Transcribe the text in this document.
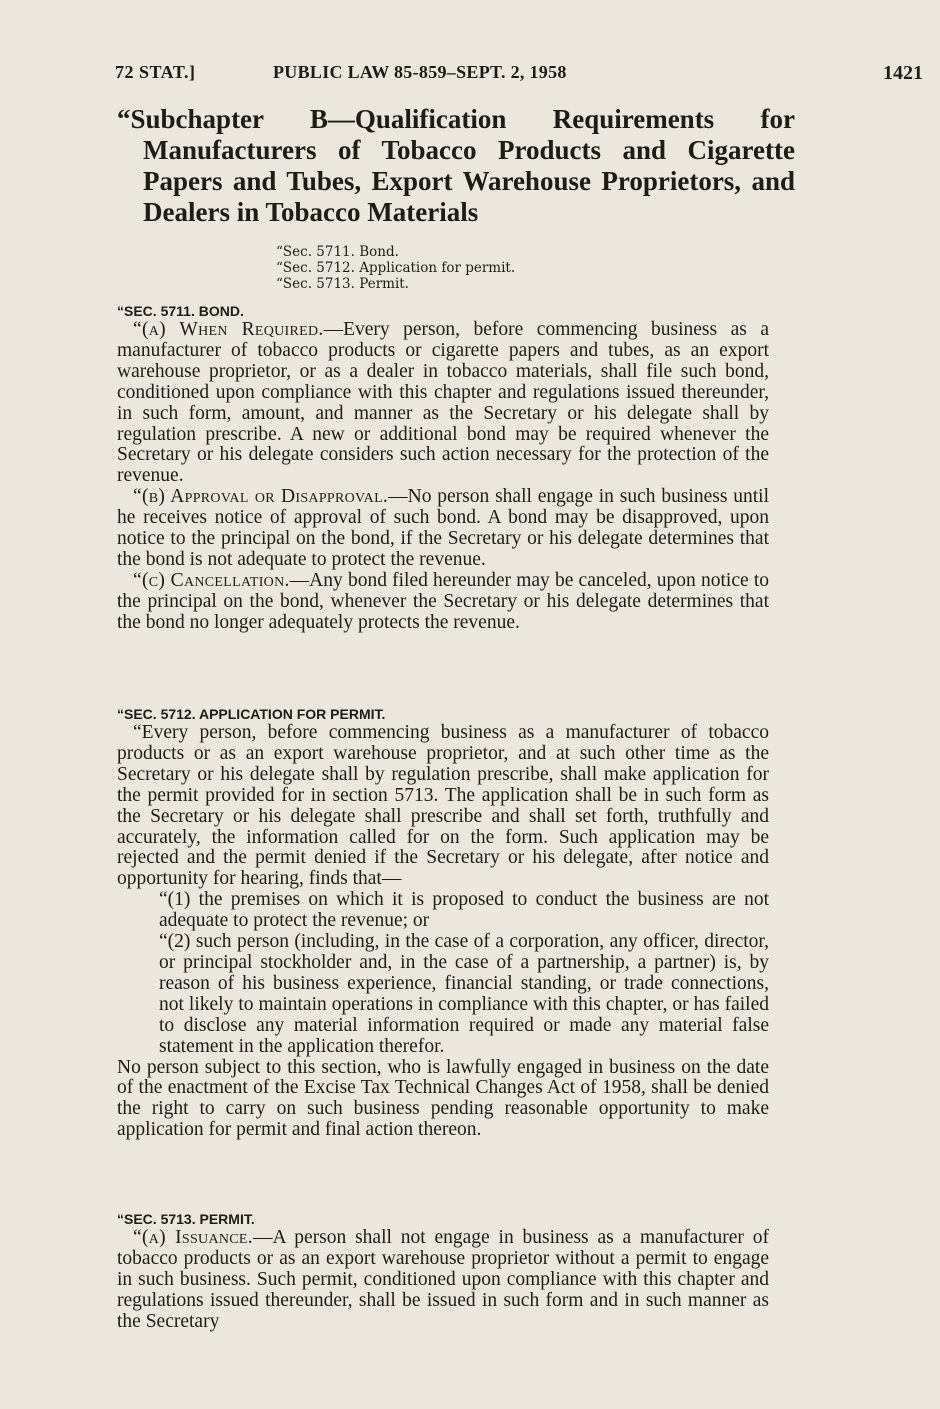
72 STAT.]	PUBLIC LAW 85-859–SEPT. 2, 1958	1421
“Subchapter B—Qualification Requirements for Manufacturers of Tobacco Products and Cigarette Papers and Tubes, Export Warehouse Proprietors, and Dealers in Tobacco Materials
“Sec. 5711. Bond.
“Sec. 5712. Application for permit.
“Sec. 5713. Permit.

“SEC. 5711. BOND.

“(a) When Required.—Every person, before commencing business as a manufacturer of tobacco products or cigarette papers and tubes, as an export warehouse proprietor, or as a dealer in tobacco materials, shall file such bond, conditioned upon compliance with this chapter and regulations issued thereunder, in such form, amount, and manner as the Secretary or his delegate shall by regulation prescribe. A new or additional bond may be required whenever the Secretary or his delegate considers such action necessary for the protection of the revenue.

“(b) Approval or Disapproval.—No person shall engage in such business until he receives notice of approval of such bond. A bond may be disapproved, upon notice to the principal on the bond, if the Secretary or his delegate determines that the bond is not adequate to protect the revenue.

“(c) Cancellation.—Any bond filed hereunder may be canceled, upon notice to the principal on the bond, whenever the Secretary or his delegate determines that the bond no longer adequately protects the revenue.

“SEC. 5712. APPLICATION FOR PERMIT.

“Every person, before commencing business as a manufacturer of tobacco products or as an export warehouse proprietor, and at such other time as the Secretary or his delegate shall by regulation prescribe, shall make application for the permit provided for in section 5713. The application shall be in such form as the Secretary or his delegate shall prescribe and shall set forth, truthfully and accurately, the information called for on the form. Such application may be rejected and the permit denied if the Secretary or his delegate, after notice and opportunity for hearing, finds that—

“(1) the premises on which it is proposed to conduct the business are not adequate to protect the revenue; or

“(2) such person (including, in the case of a corporation, any officer, director, or principal stockholder and, in the case of a partnership, a partner) is, by reason of his business experience, financial standing, or trade connections, not likely to maintain operations in compliance with this chapter, or has failed to disclose any material information required or made any material false statement in the application therefor.

No person subject to this section, who is lawfully engaged in business on the date of the enactment of the Excise Tax Technical Changes Act of 1958, shall be denied the right to carry on such business pending reasonable opportunity to make application for permit and final action thereon.

“SEC. 5713. PERMIT.

“(a) Issuance.—A person shall not engage in business as a manufacturer of tobacco products or as an export warehouse proprietor without a permit to engage in such business. Such permit, conditioned upon compliance with this chapter and regulations issued thereunder, shall be issued in such form and in such manner as the Secretary
